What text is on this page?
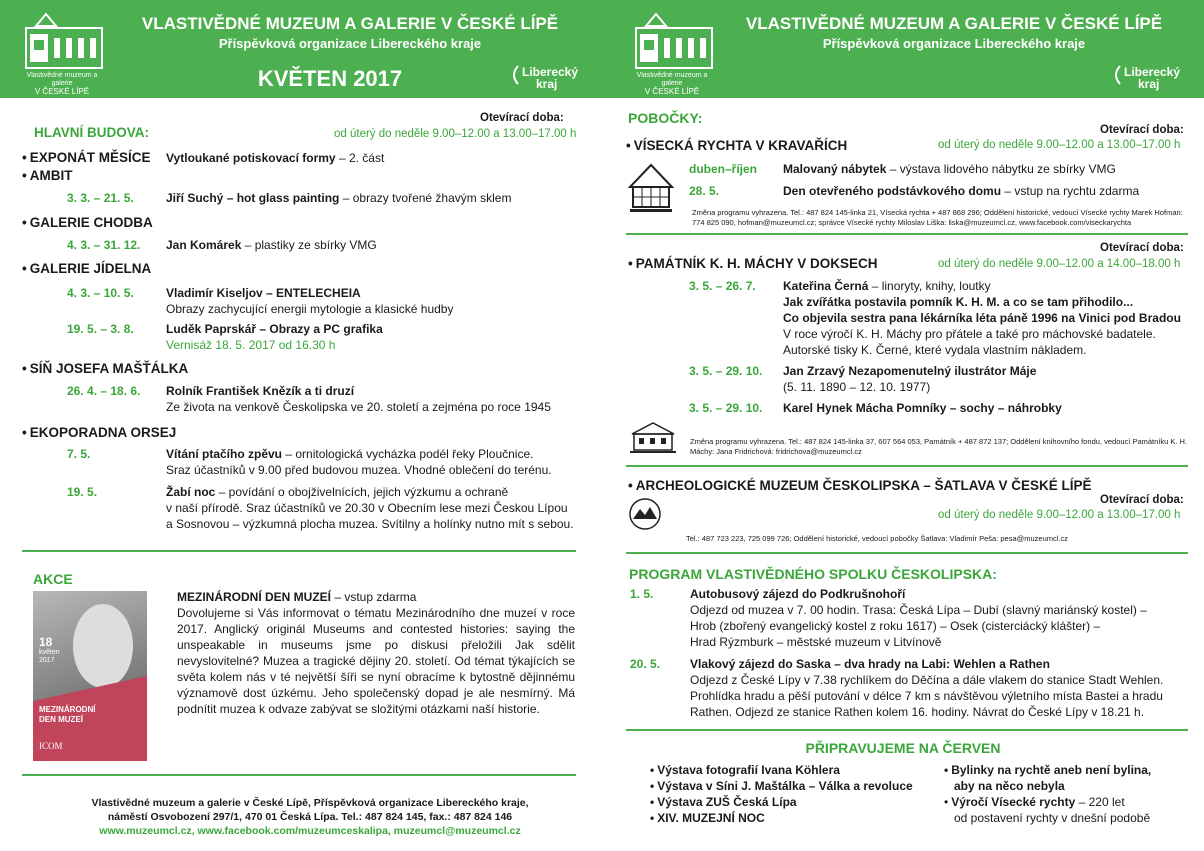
Vlastivědné muzeum a galerie
V ČESKÉ LÍPĚ
VLASTIVĚDNÉ MUZEUM A GALERIE V ČESKÉ LÍPĚ
Příspěvková organizace Libereckého kraje
KVĚTEN 2017	Liberecký
kraj
Otevírací doba:
od úterý do neděle 9.00–12.00 a 13.00–17.00 h
HLAVNÍ BUDOVA:
• EXPONÁT MĚSÍCE Vytloukané potiskovací formy – 2. část
• AMBIT
3. 3. – 21. 5.	Jiří Suchý – hot glass painting – obrazy tvořené žhavým sklem
• GALERIE CHODBA
4. 3. – 31. 12. Jan Komárek – plastiky ze sbírky VMG
• GALERIE JÍDELNA
4. 3. – 10. 5.	Vladimír Kiseljov – ENTELECHEIA
Obrazy zachycující energii mytologie a klasické hudby
19. 5. – 3. 8.	Luděk Paprskář – Obrazy a PC grafika
Vernisáž 18. 5. 2017 od 16.30 h
• SÍŇ JOSEFA MAŠŤÁLKA
26. 4. – 18. 6. Rolník František Knězík a ti druzí
Ze života na venkově Českolipska ve 20. století a zejména po roce 1945
• EKOPORADNA ORSEJ
7. 5.	Vítání ptačího zpěvu – ornitologická vycházka podél řeky Ploučnice.
Sraz účastníků v 9.00 před budovou muzea. Vhodné oblečení do terénu.
19. 5.	Žabí noc – povídání o obojživelnících, jejich výzkumu a ochraně
v naší přírodě. Sraz účastníků ve 20.30 v Obecním lese mezi Českou Lípou
a Sosnovou – výzkumná plocha muzea. Svítilny a holínky nutno mít s sebou.
AKCE
18
květen
2017
MEZINÁRODNÍ
DEN MUZEÍ
ICOM
MEZINÁRODNÍ DEN MUZEÍ – vstup zdarma
Dovolujeme si Vás informovat o tématu Mezinárodního dne muzeí v roce 2017. Anglický originál Museums and contested histories: saying the unspeakable in museums jsme po diskusi přeložili Jak sdělit nevyslovitelné? Muzea a tragické dějiny 20. století. Od témat týkajících se světa kolem nás v té největší šíři se nyní obracíme k bytostně dějinnému významově dost úzkému. Jeho společenský dopad je ale nesmírný. Má podnítit muzea k odvaze zabývat se složitými otázkami naší historie.
Vlastivědné muzeum a galerie v České Lípě, Příspěvková organizace Libereckého kraje,
náměstí Osvobození 297/1, 470 01 Česká Lípa. Tel.: 487 824 145, fax.: 487 824 146
www.muzeumcl.cz, www.facebook.com/muzeumceskalipa, muzeumcl@muzeumcl.cz
Vlastivědné muzeum a galerie
V ČESKÉ LÍPĚ
VLASTIVĚDNÉ MUZEUM A GALERIE V ČESKÉ LÍPĚ
Příspěvková organizace Libereckého kraje
Liberecký
kraj
POBOČKY:
Otevírací doba:
• VÍSECKÁ RYCHTA V KRAVAŘÍCH	od úterý do neděle 9.00–12.00 a 13.00–17.00 h
duben–říjen Malovaný nábytek – výstava lidového nábytku ze sbírky VMG
28. 5.	Den otevřeného podstávkového domu – vstup na rychtu zdarma
Změna programu vyhrazena. Tel.: 487 824 145-linka 21, Vísecká rychta + 487 868 296; Oddělení historické, vedoucí Vísecké rychty Marek Hofman: 774 825 090, hofman@muzeumcl.cz; správce Vísecké rychty Miloslav Liška: liska@muzeumcl.cz, www.facebook.com/viseckarychta
Otevírací doba:
• PAMÁTNÍK K. H. MÁCHY V DOKSECH	od úterý do neděle 9.00–12.00 a 14.00–18.00 h
3. 5. – 26. 7. Kateřina Černá – linoryty, knihy, loutky
Jak zvířátka postavila pomník K. H. M. a co se tam přihodilo...
Co objevila sestra pana lékárníka léta páně 1996 na Vinici pod Bradou
V roce výročí K. H. Máchy pro přátele a také pro máchovské badatele.
Autorské tisky K. Černé, které vydala vlastním nákladem.
3. 5. – 29. 10. Jan Zrzavý Nezapomenutelný ilustrátor Máje
(5. 11. 1890 – 12. 10. 1977)
3. 5. – 29. 10. Karel Hynek Mácha Pomníky – sochy – náhrobky
Změna programu vyhrazena. Tel.: 487 824 145-linka 37, 607 564 053, Památník + 487 872 137; Oddělení knihovního fondu, vedoucí Památníku K. H. Máchy: Jana Fridrichová: fridrichova@muzeumcl.cz
• ARCHEOLOGICKÉ MUZEUM ČESKOLIPSKA – ŠATLAVA V ČESKÉ LÍPĚ
Otevírací doba:
od úterý do neděle 9.00–12.00 a 13.00–17.00 h
Tel.: 487 723 223, 725 099 726; Oddělení historické, vedoucí pobočky Šatlava: Vladimír Peša: pesa@muzeumcl.cz
PROGRAM VLASTIVĚDNÉHO SPOLKU ČESKOLIPSKA:
1. 5.	Autobusový zájezd do Podkrušnohoří
Odjezd od muzea v 7. 00 hodin. Trasa: Česká Lípa – Dubí (slavný mariánský kostel) –
Hrob (zbořený evangelický kostel z roku 1617) – Osek (cisterciácký klášter) –
Hrad Rýzmburk – městské muzeum v Litvínově
20. 5. Vlakový zájezd do Saska – dva hrady na Labi: Wehlen a Rathen
Odjezd z České Lípy v 7.38 rychlíkem do Děčína a dále vlakem do stanice Stadt Wehlen.
Prohlídka hradu a pěší putování v délce 7 km s návštěvou výletního místa Bastei a hradu
Rathen. Odjezd ze stanice Rathen kolem 16. hodiny. Návrat do České Lípy v 18.21 h.
PŘIPRAVUJEME NA ČERVEN
• Výstava fotografií Ivana Köhlera
• Výstava v Síni J. Maštálka – Válka a revoluce
• Výstava ZUŠ Česká Lípa
• XIV. MUZEJNÍ NOC
• Bylinky na rychtě aneb není bylina,
aby na něco nebyla
• Výročí Vísecké rychty – 220 let
od postavení rychty v dnešní podobě
